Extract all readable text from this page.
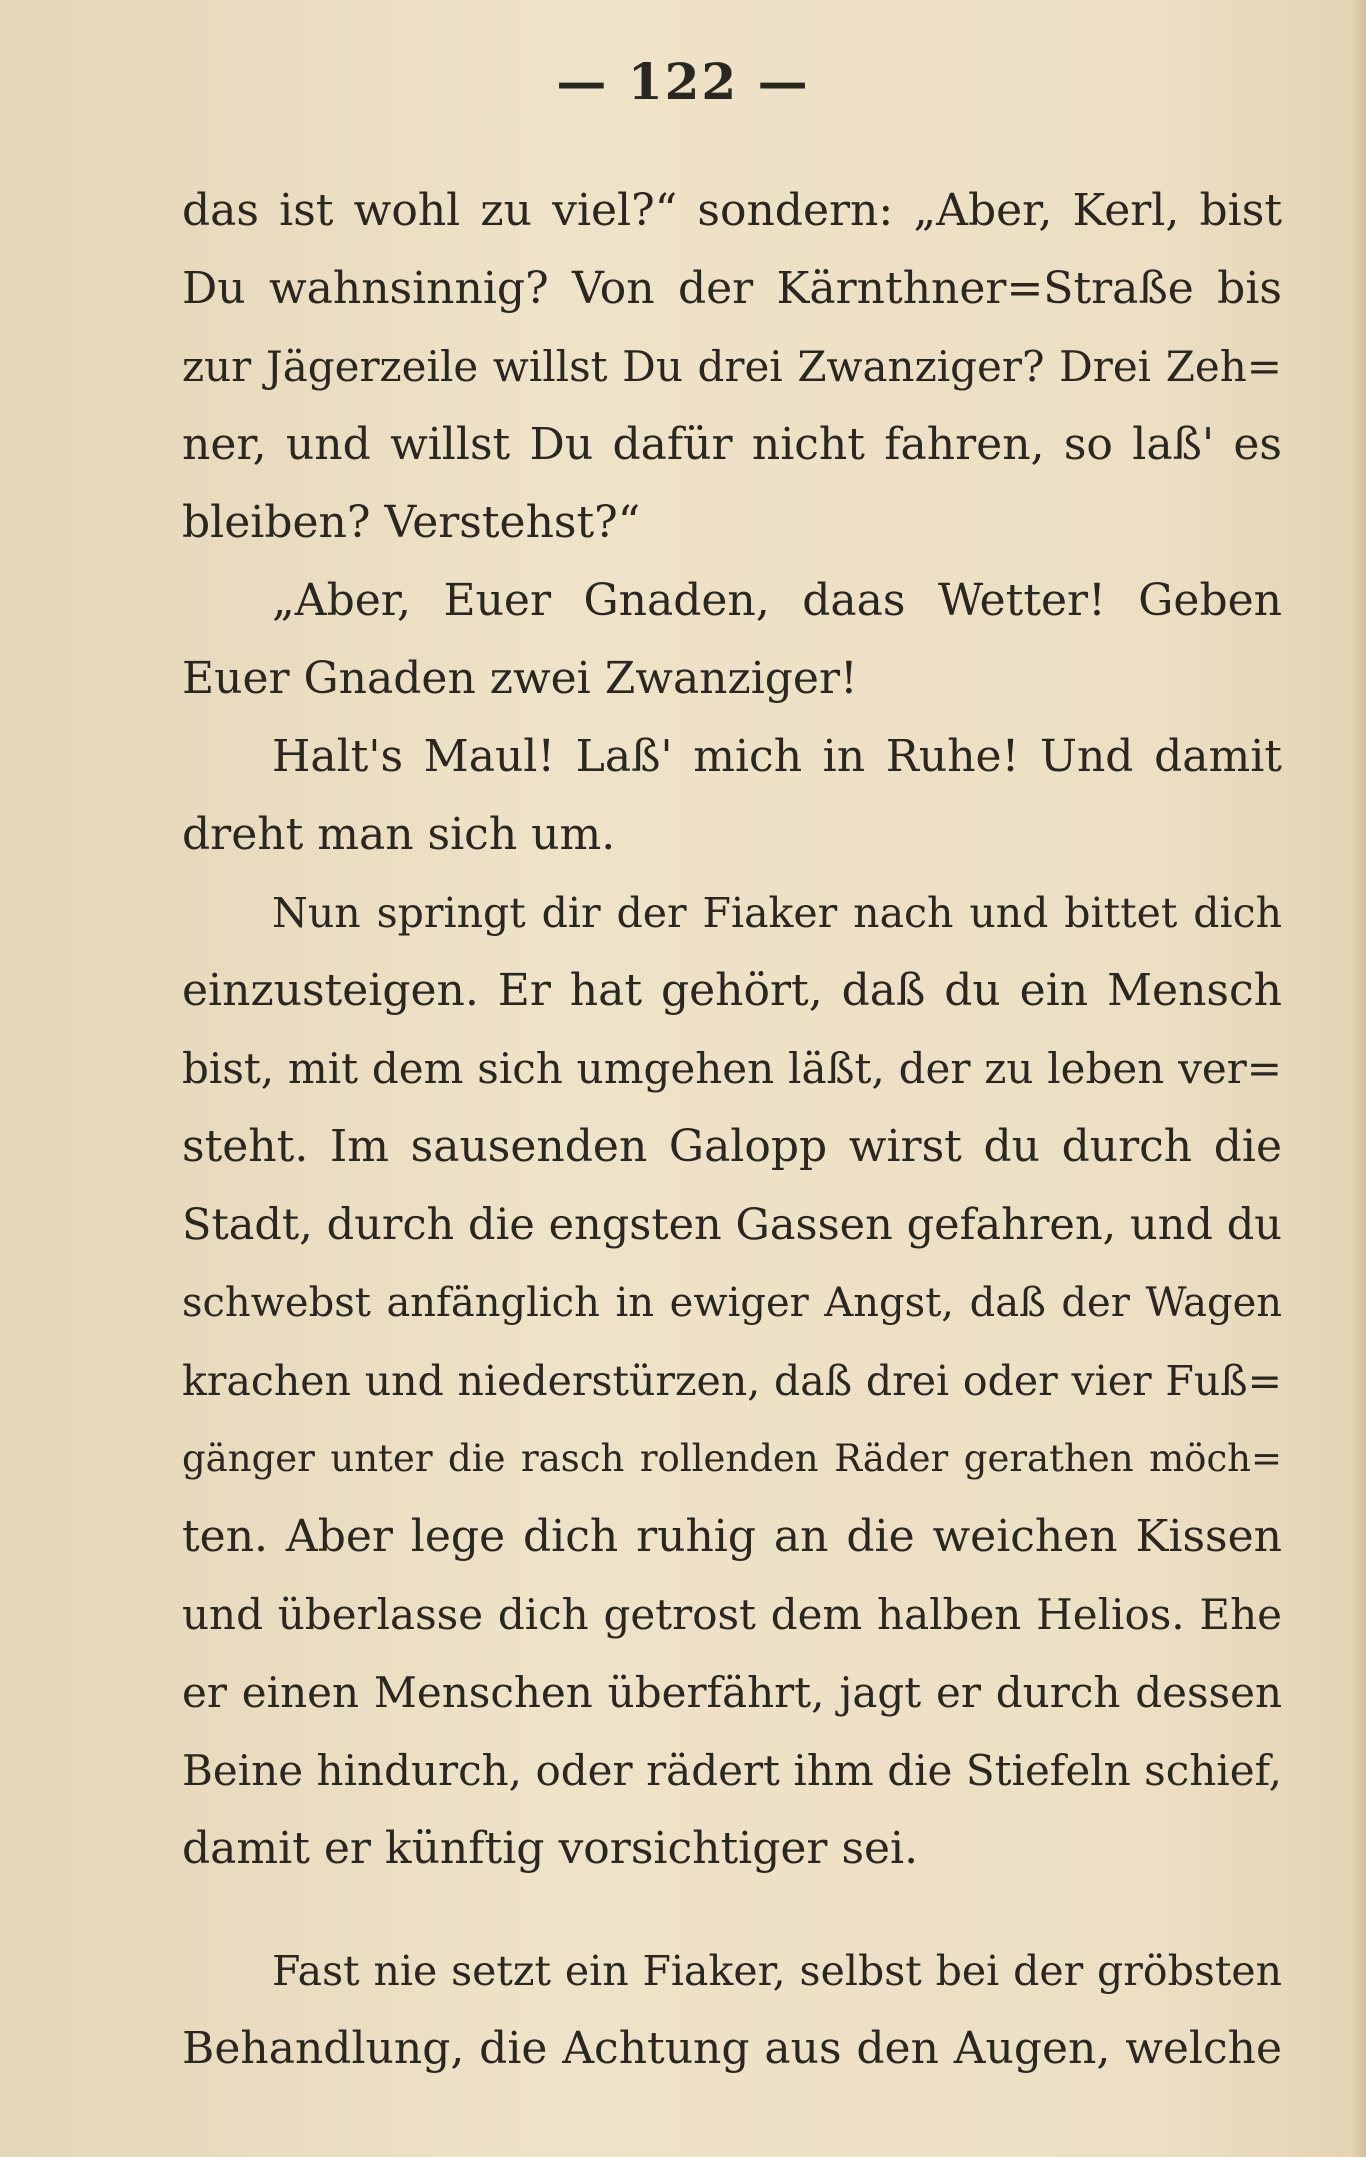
— 122 —
das ist wohl zu viel?“ sondern: „Aber, Kerl, bist
Du wahnsinnig? Von der Kärnthner=Straße bis
zur Jägerzeile willst Du drei Zwanziger? Drei Zeh=
ner, und willst Du dafür nicht fahren, so laß' es
bleiben? Verstehst?“
„Aber, Euer Gnaden, daas Wetter! Geben
Euer Gnaden zwei Zwanziger!
Halt's Maul! Laß' mich in Ruhe! Und damit
dreht man sich um.
Nun springt dir der Fiaker nach und bittet dich
einzusteigen. Er hat gehört, daß du ein Mensch
bist, mit dem sich umgehen läßt, der zu leben ver=
steht. Im sausenden Galopp wirst du durch die
Stadt, durch die engsten Gassen gefahren, und du
schwebst anfänglich in ewiger Angst, daß der Wagen
krachen und niederstürzen, daß drei oder vier Fuß=
gänger unter die rasch rollenden Räder gerathen möch=
ten. Aber lege dich ruhig an die weichen Kissen
und überlasse dich getrost dem halben Helios. Ehe
er einen Menschen überfährt, jagt er durch dessen
Beine hindurch, oder rädert ihm die Stiefeln schief,
damit er künftig vorsichtiger sei.
Fast nie setzt ein Fiaker, selbst bei der gröbsten
Behandlung, die Achtung aus den Augen, welche
